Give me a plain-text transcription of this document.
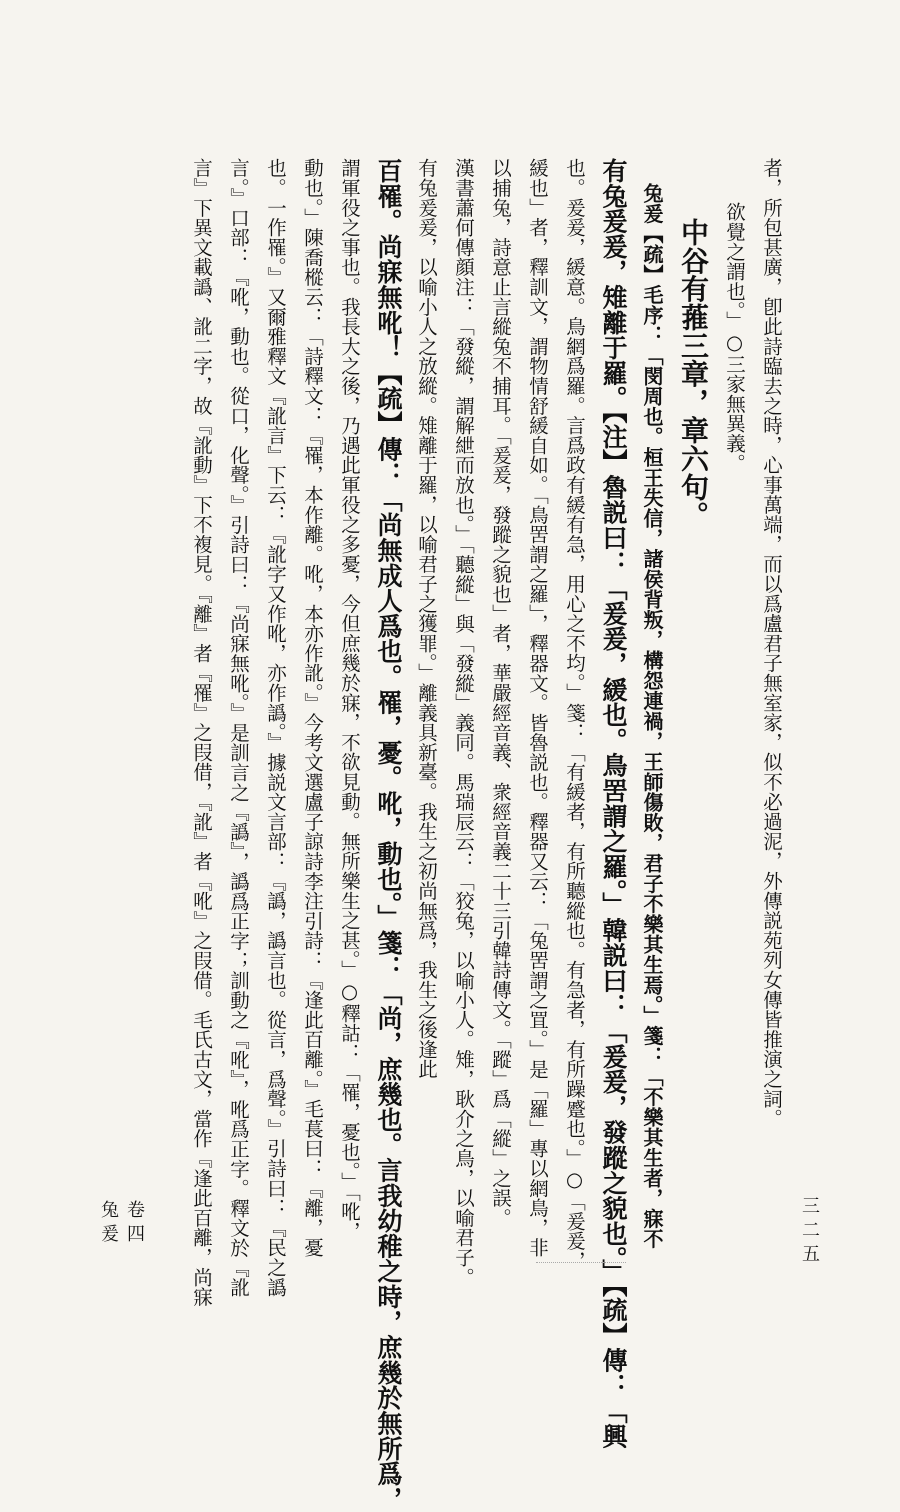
者，所包甚廣，卽此詩臨去之時，心事萬端，而以爲盧君子無室家，似不必過泥，外傳説苑列女傳皆推演之詞。
欲覺之謂也。」○三家無異義。
中谷有蓷三章，章六句。
兔爰【疏】毛序：「閔周也。桓王失信，諸侯背叛，構怨連禍，王師傷敗，君子不樂其生焉。」箋：「不樂其生者，寐不
有兔爰爰，雉離于羅。【注】魯説曰：「爰爰，緩也。鳥罟謂之羅。」韓説曰：「爰爰，發蹤之貌也。」【疏】傳：「興
也。爰爰，緩意。鳥網爲羅。言爲政有緩有急，用心之不均。」箋：「有緩者，有所聽縱也。有急者，有所躁蹙也。」○「爰爰，
緩也」者，釋訓文，謂物情舒緩自如。「鳥罟謂之羅」，釋器文。皆魯説也。釋器又云：「兔罟謂之罝。」是「羅」專以網鳥，非
以捕兔，詩意止言縱兔不捕耳。「爰爰，發蹤之貌也」者，華嚴經音義、衆經音義二十三引韓詩傳文。「蹤」爲「縱」之誤。
漢書蕭何傳顔注：「發縱，謂解紲而放也。」「聽縱」與「發縱」義同。馬瑞辰云：「狡兔，以喻小人。雉，耿介之鳥，以喻君子。
有兔爰爰，以喻小人之放縱。雉離于羅，以喻君子之獲罪。」離義具新臺。我生之初尚無爲，我生之後逢此
百罹。尚寐無吪！【疏】傳：「尚無成人爲也。罹，憂。吪，動也。」箋：「尚，庶幾也。言我幼稚之時，庶幾於無所爲，
謂軍役之事也。我長大之後，乃遇此軍役之多憂，今但庶幾於寐，不欲見動。無所樂生之甚。」○釋詁：「罹，憂也。」「吪，
動也。」陳喬樅云：「詩釋文：『罹，本作離。吪，本亦作訛。』今考文選盧子諒詩李注引詩：『逢此百離。』毛萇曰：『離，憂
也。一作罹。』又爾雅釋文『訛言』下云：『訛字又作吪，亦作譌。』據説文言部：『譌，譌言也。從言，爲聲。』引詩曰：『民之譌
言。』口部：『吪，動也。從口，化聲。』引詩曰：『尚寐無吪。』是訓言之『譌』，譌爲正字；訓動之『吪』，吪爲正字。釋文於『訛
言』下異文載譌、訛二字，故『訛動』下不複見。『離』者『罹』之叚借，『訛』者『吪』之叚借。毛氏古文，當作『逢此百離，尚寐
卷四　兔爰	三二五
